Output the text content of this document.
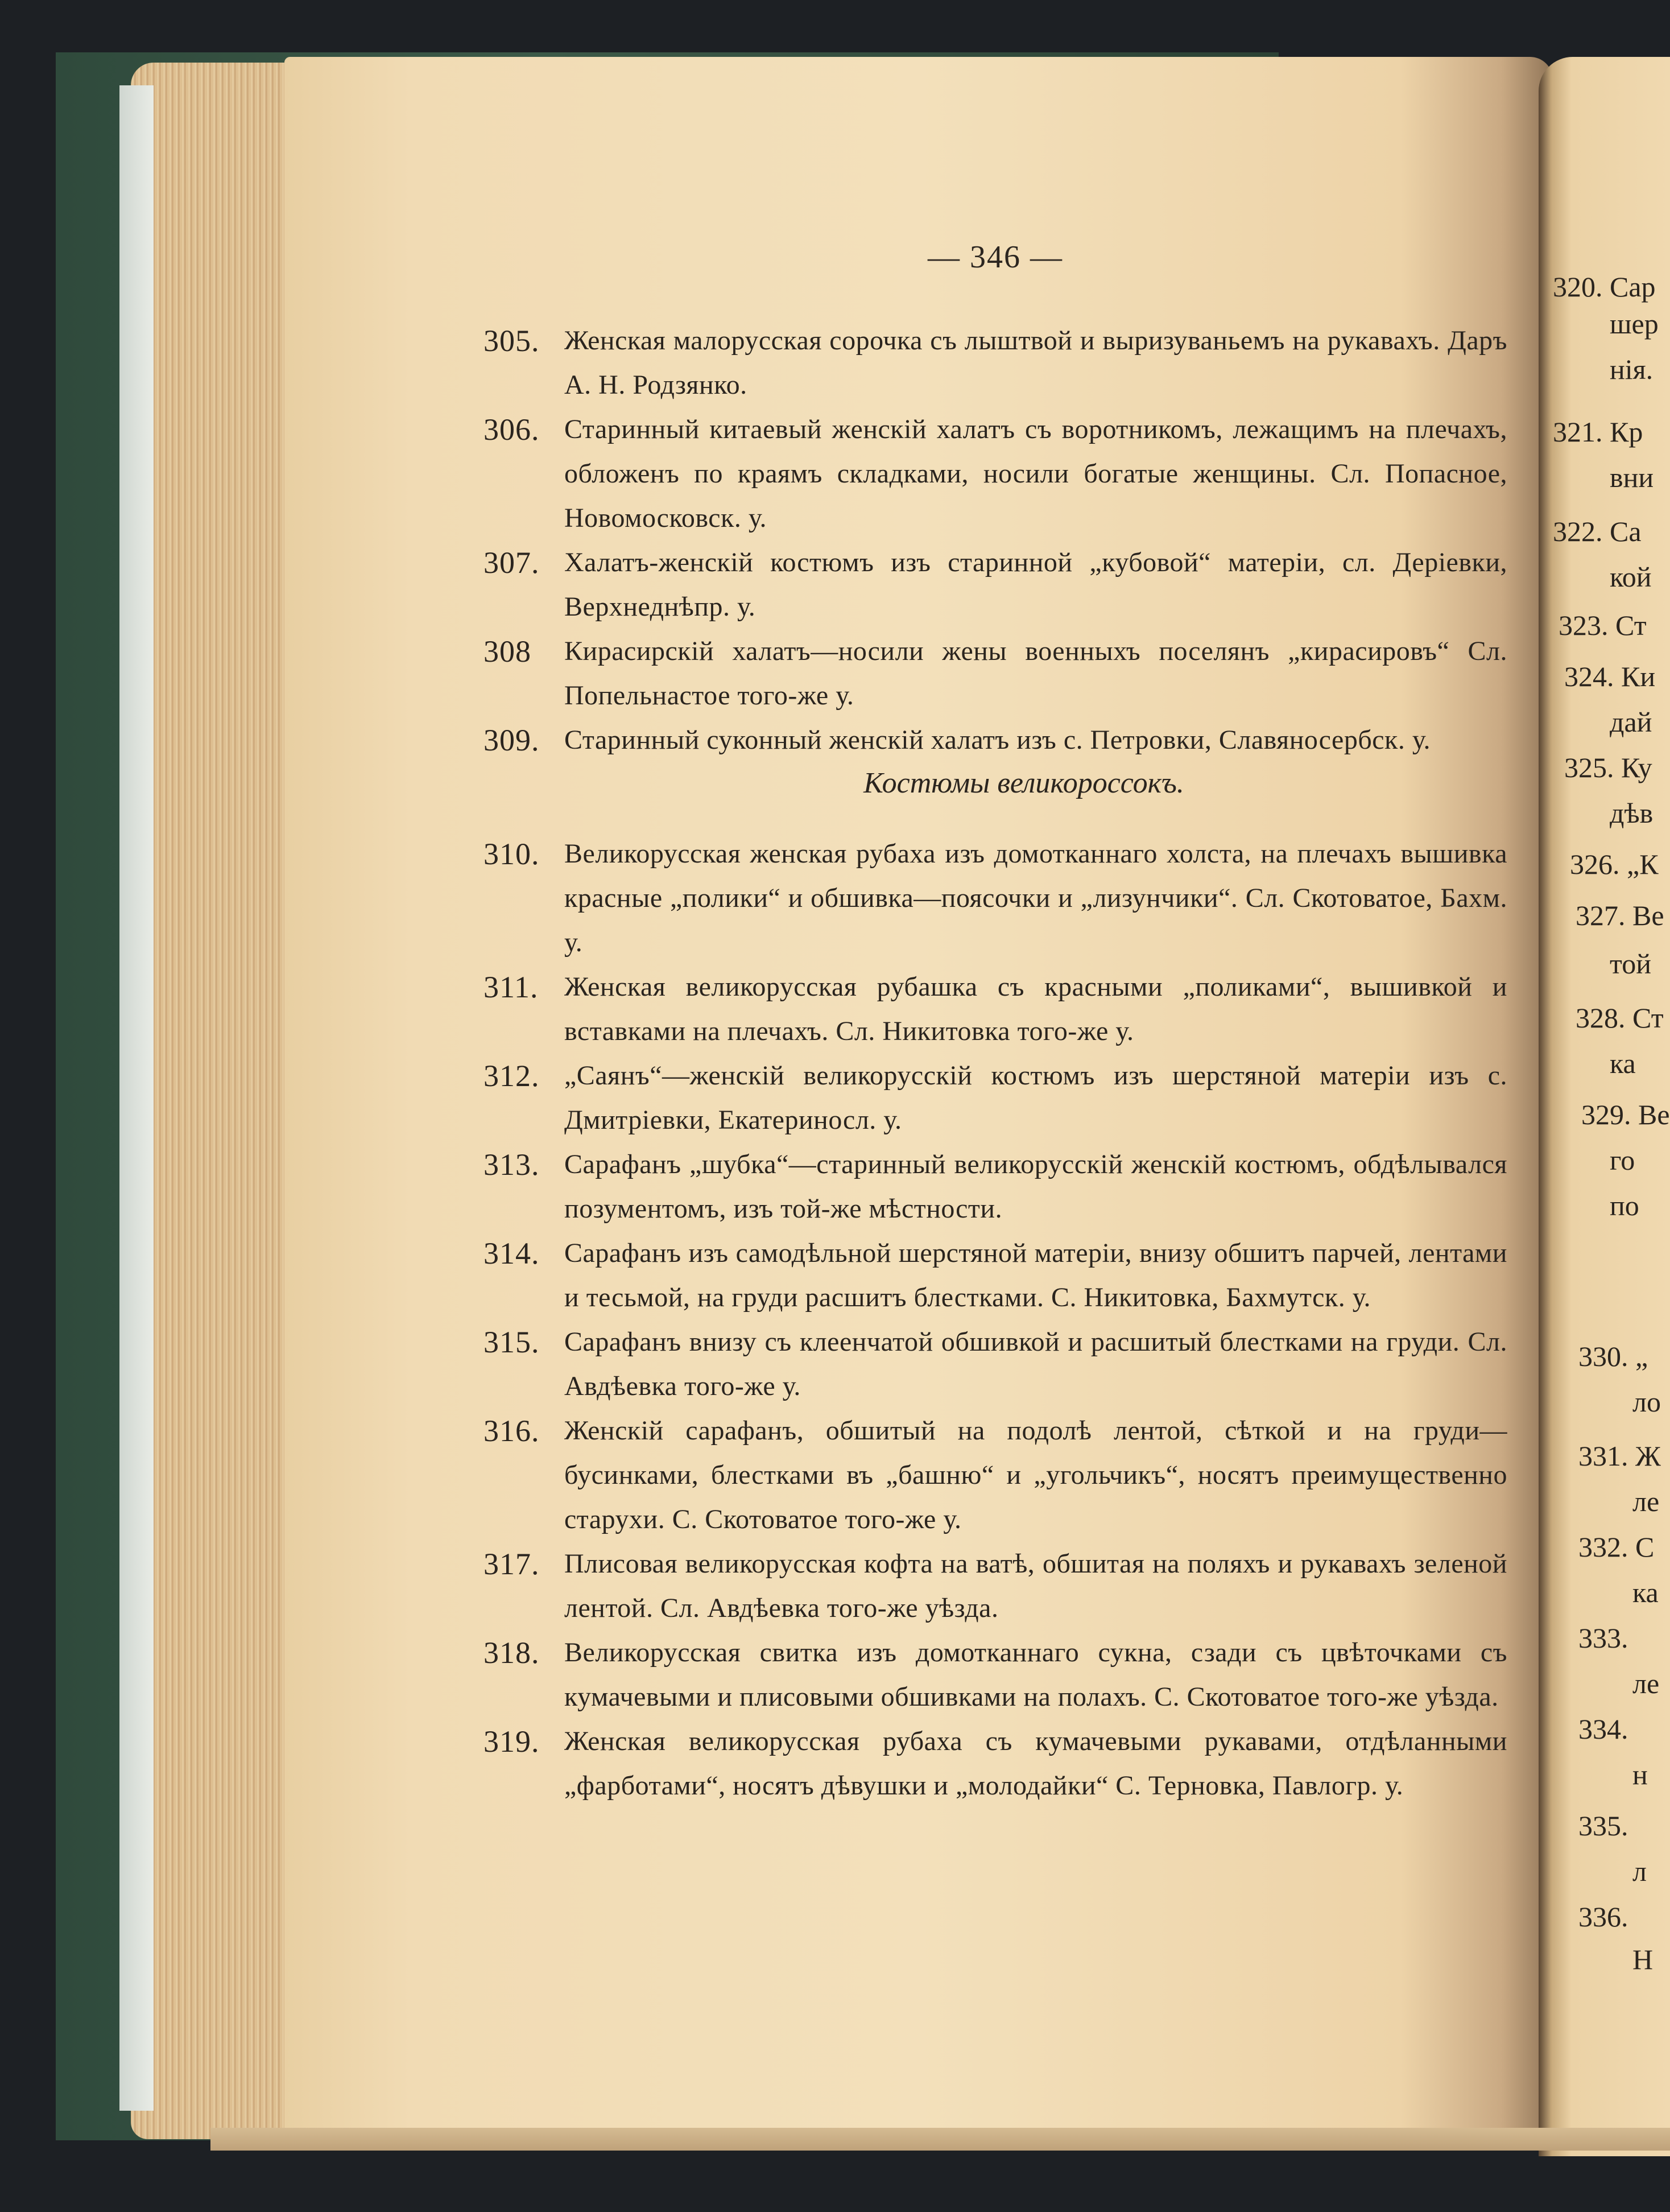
— 346 —
305. Женская малорусская сорочка съ лыштвой и выризуваньемъ на рукавахъ. Даръ А. Н. Родзянко.
306. Старинный китаевый женскій халатъ съ воротникомъ, лежащимъ на плечахъ, обложенъ по краямъ складками, носили богатые женщины. Сл. Попасное, Новомосковск. у.
307. Халатъ-женскій костюмъ изъ старинной „кубовой“ матеріи, сл. Деріевки, Верхнеднѣпр. у.
308	Кирасирскій халатъ—носили жены военныхъ поселянъ „кирасировъ“ Сл. Попельнастое того-же у.
309. Старинный суконный женскій халатъ изъ с. Петровки, Славяносербск. у.
Костюмы великороссокъ.
310. Великорусская женская рубаха изъ домотканнаго холста, на плечахъ вышивка красные „полики“ и обшивка—поясочки и „лизунчики“. Сл. Скотоватое, Бахм. у.
311. Женская великорусская рубашка съ красными „поликами“, вышивкой и вставками на плечахъ. Сл. Никитовка того-же у.
312. „Саянъ“—женскій великорусскій костюмъ изъ шерстяной матеріи изъ с. Дмитріевки, Екатериносл. у.
313. Сарафанъ „шубка“—старинный великорусскій женскій костюмъ, обдѣлывался позументомъ, изъ той-же мѣстности.
314. Сарафанъ изъ самодѣльной шерстяной матеріи, внизу обшитъ парчей, лентами и тесьмой, на груди расшитъ блестками. С. Никитовка, Бахмутск. у.
315. Сарафанъ внизу съ клеенчатой обшивкой и расшитый блестками на груди. Сл. Авдѣевка того-же у.
316. Женскій сарафанъ, обшитый на подолѣ лентой, сѣткой и на груди—бусинками, блестками въ „башню“ и „угольчикъ“, носятъ преимущественно старухи. С. Скотоватое того-же у.
317. Плисовая великорусская кофта на ватѣ, обшитая на поляхъ и рукавахъ зеленой лентой. Сл. Авдѣевка того-же уѣзда.
318. Великорусская свитка изъ домотканнаго сукна, сзади съ цвѣточками съ кумачевыми и плисовыми обшивками на полахъ. С. Скотоватое того-же уѣзда.
319. Женская великорусская рубаха съ кумачевыми рукавами, отдѣланными „фарботами“, носятъ дѣвушки и „молодайки“ С. Терновка, Павлогр. у.
320. Сар
шер
нія.
321. Кр
вни
322. Са
кой
323. Ст
324. Ки
дай
325. Ку
дѣв
326. „К
327. Ве
той
328. Ст
ка
329. Ве
го
по
330. „
ло
331. Ж
ле
332. С
ка
333.
ле
334.
н
335.
л
336.
Н
